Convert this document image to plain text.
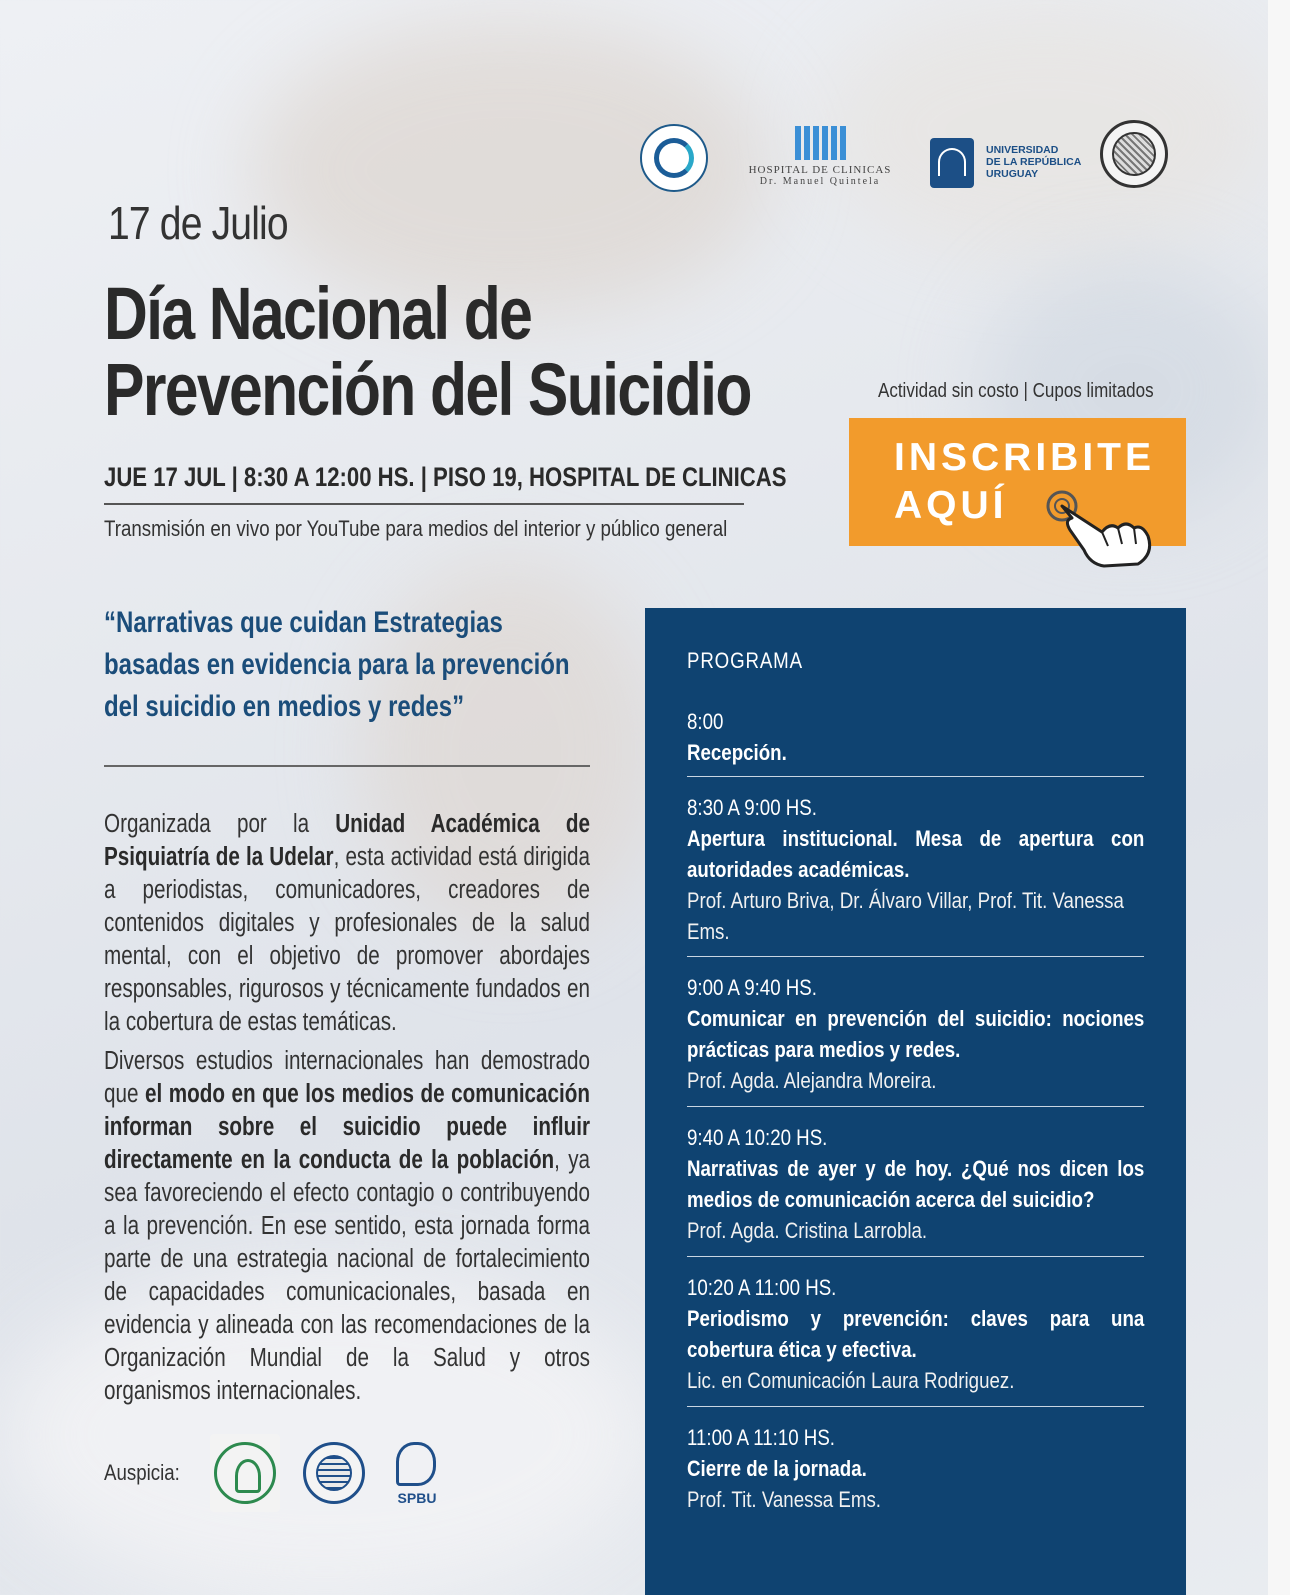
HOSPITAL DE CLINICAS
Dr. Manuel Quintela
UNIVERSIDAD
DE LA REPÚBLICA
URUGUAY
17 de Julio
Día Nacional de
Prevención del Suicidio
JUE 17 JUL | 8:30 A 12:00 HS. | PISO 19, HOSPITAL DE CLINICAS
Transmisión en vivo por YouTube para medios del interior y público general
Actividad sin costo | Cupos limitados
INSCRIBITE
AQUÍ
“Narrativas que cuidan Estrategias basadas en evidencia para la prevención del suicidio en medios y redes”
Organizada por la Unidad Académica de Psiquiatría de la Udelar, esta actividad está dirigida a periodistas, comunicadores, creadores de contenidos digitales y profesionales de la salud mental, con el objetivo de promover abordajes responsables, rigurosos y técnicamente fundados en la cobertura de estas temáticas.
Diversos estudios internacionales han demostrado que el modo en que los medios de comunicación informan sobre el suicidio puede influir directamente en la conducta de la población, ya sea favoreciendo el efecto contagio o contribuyendo a la prevención. En ese sentido, esta jornada forma parte de una estrategia nacional de fortalecimiento de capacidades comunicacionales, basada en evidencia y alineada con las recomendaciones de la Organización Mundial de la Salud y otros organismos internacionales.
Auspicia:
SPBU
PROGRAMA
8:00
Recepción.
8:30 A 9:00 HS.
Apertura institucional. Mesa de apertura con autoridades académicas.
Prof. Arturo Briva, Dr. Álvaro Villar, Prof. Tit. Vanessa Ems.
9:00 A 9:40 HS.
Comunicar en prevención del suicidio: nociones prácticas para medios y redes.
Prof. Agda. Alejandra Moreira.
9:40 A 10:20 HS.
Narrativas de ayer y de hoy. ¿Qué nos dicen los medios de comunicación acerca del suicidio?
Prof. Agda. Cristina Larrobla.
10:20 A 11:00 HS.
Periodismo y prevención: claves para una cobertura ética y efectiva.
Lic. en Comunicación Laura Rodriguez.
11:00 A 11:10 HS.
Cierre de la jornada.
Prof. Tit. Vanessa Ems.
